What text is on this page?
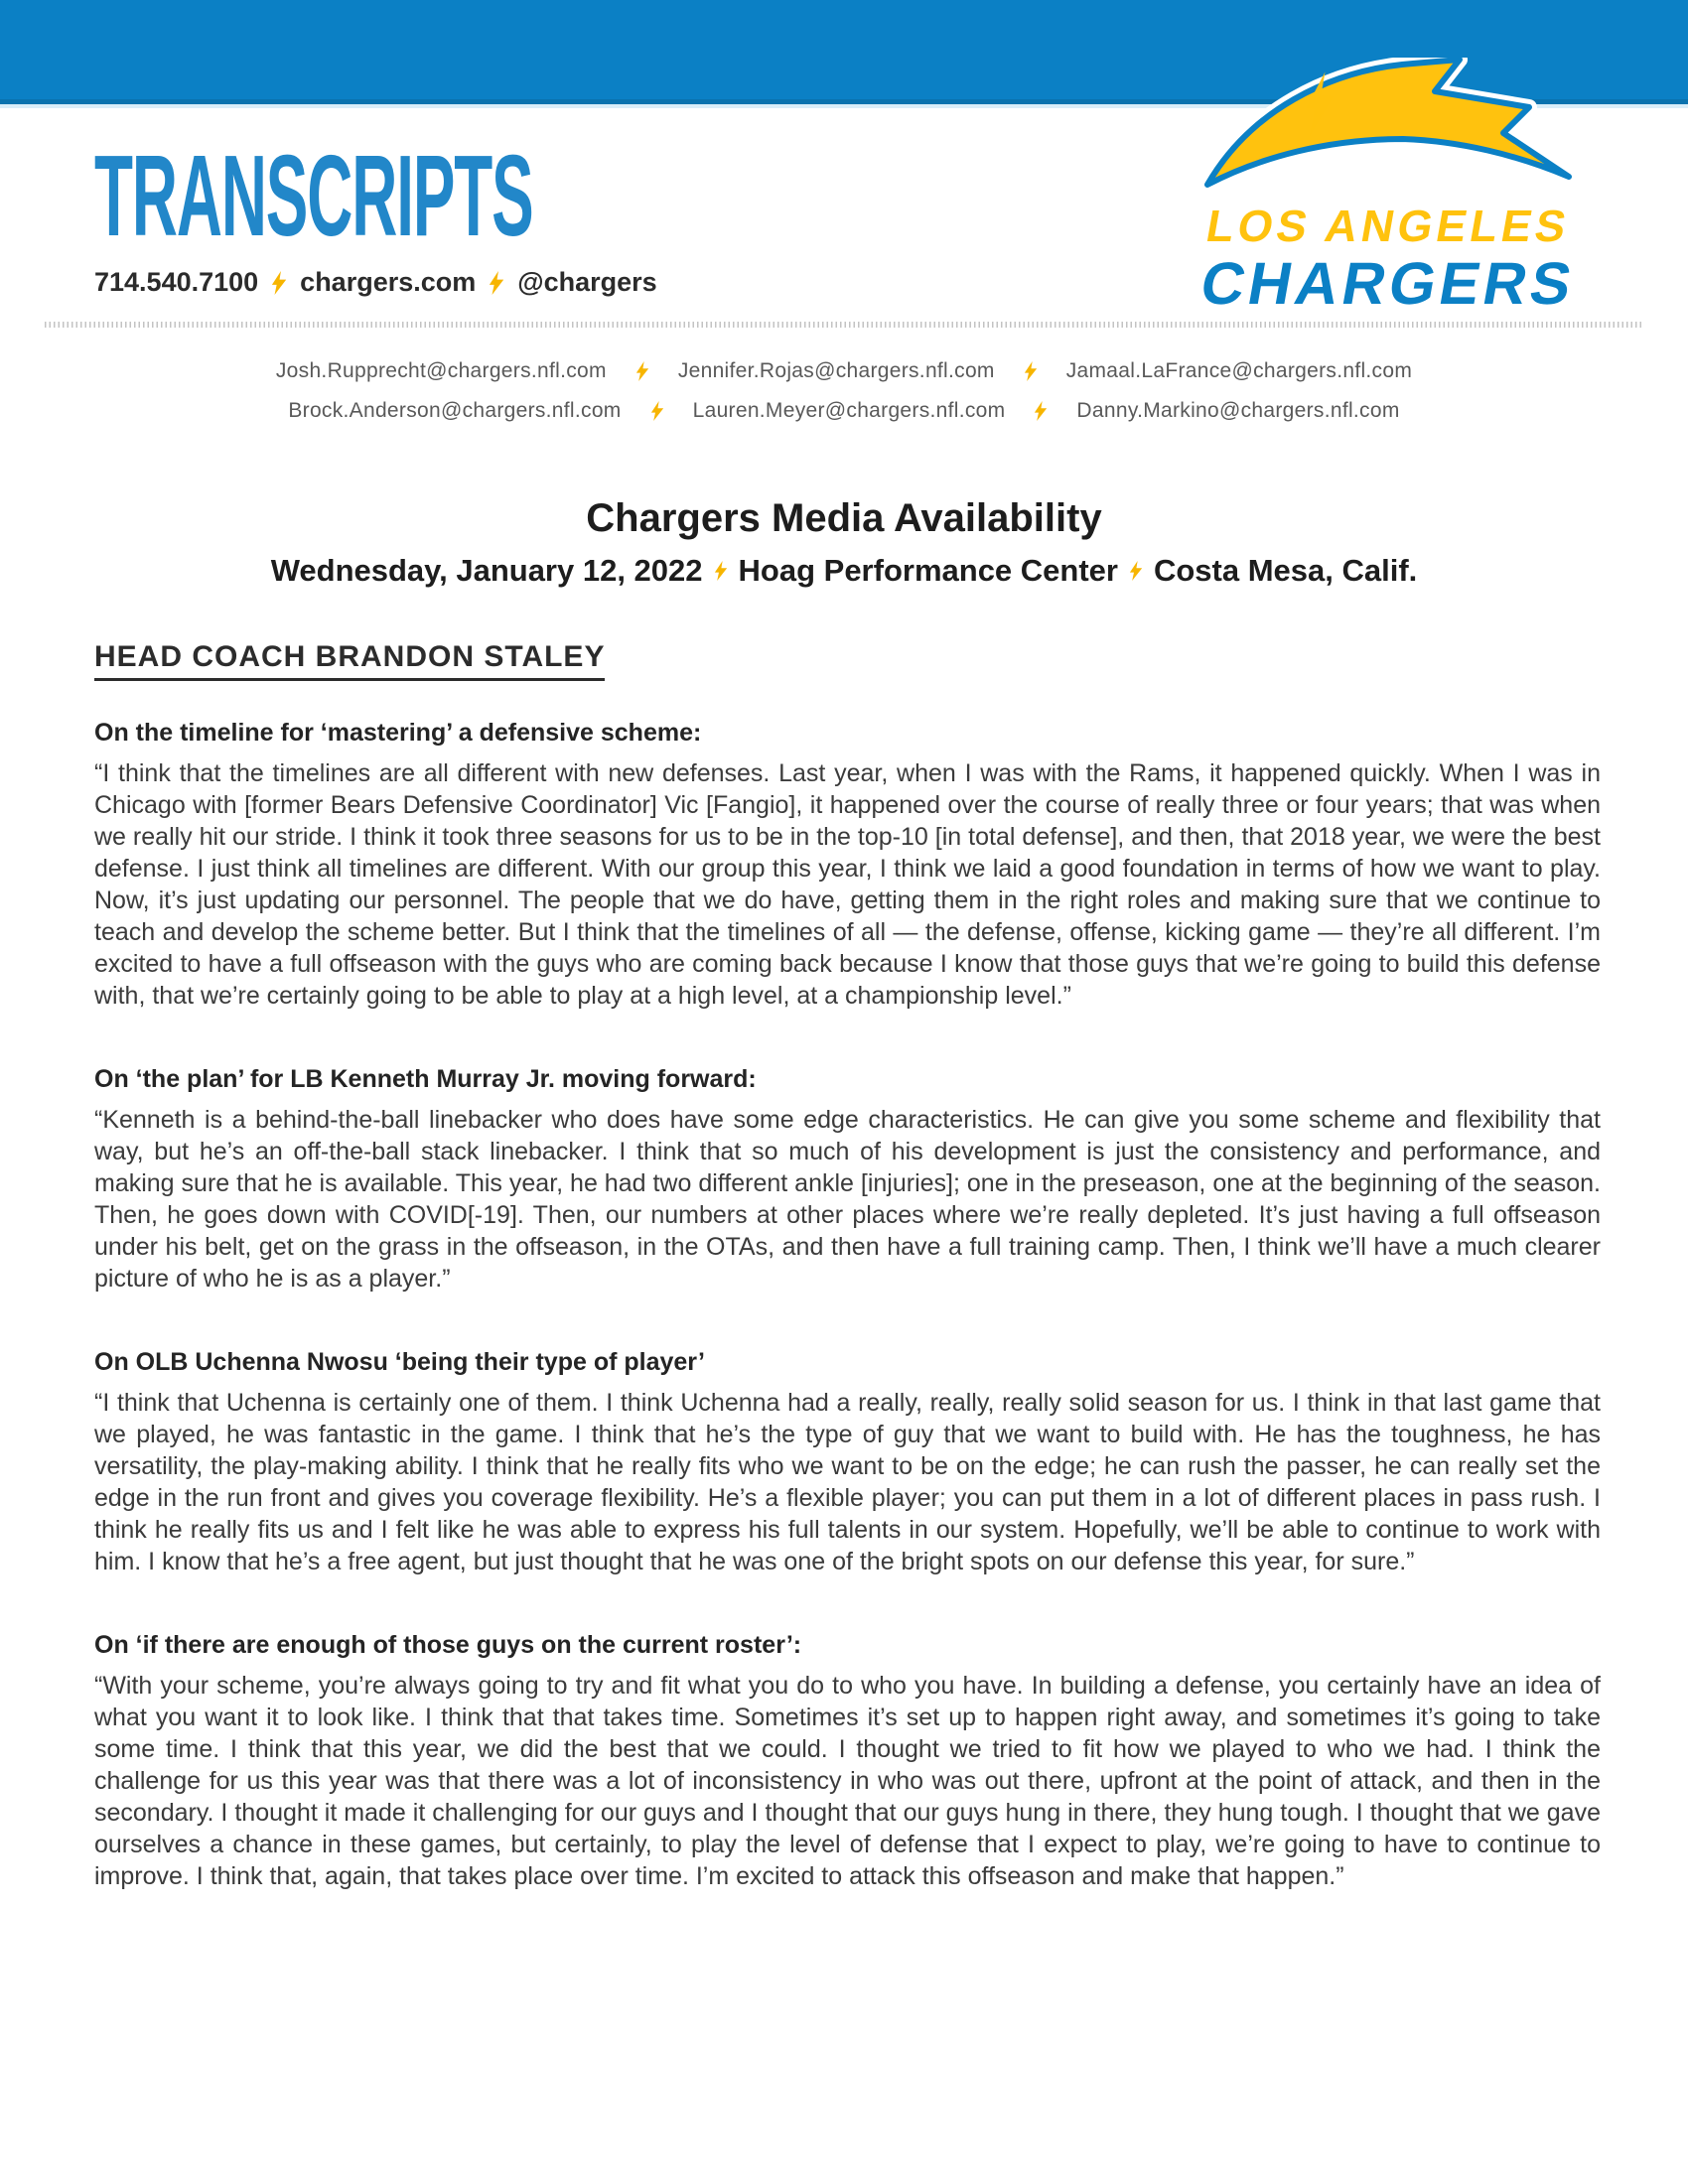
TRANSCRIPTS
714.540.7100 chargers.com @chargers
LOS ANGELES
CHARGERS
Josh.Rupprecht@chargers.nfl.com	Jennifer.Rojas@chargers.nfl.com	Jamaal.LaFrance@chargers.nfl.com
Brock.Anderson@chargers.nfl.com	Lauren.Meyer@chargers.nfl.com	Danny.Markino@chargers.nfl.com
Chargers Media Availability
Wednesday, January 12, 2022 Hoag Performance Center Costa Mesa, Calif.
HEAD COACH BRANDON STALEY
On the timeline for ‘mastering’ a defensive scheme:

“I think that the timelines are all different with new defenses. Last year, when I was with the Rams, it happened quickly. When I was in Chicago with [former Bears Defensive Coordinator] Vic [Fangio], it happened over the course of really three or four years; that was when we really hit our stride. I think it took three seasons for us to be in the top-10 [in total defense], and then, that 2018 year, we were the best defense. I just think all timelines are different. With our group this year, I think we laid a good foundation in terms of how we want to play. Now, it’s just updating our personnel. The people that we do have, getting them in the right roles and making sure that we continue to teach and develop the scheme better. But I think that the timelines of all — the defense, offense, kicking game — they’re all different. I’m excited to have a full offseason with the guys who are coming back because I know that those guys that we’re going to build this defense with, that we’re certainly going to be able to play at a high level, at a championship level.”

On ‘the plan’ for LB Kenneth Murray Jr. moving forward:

“Kenneth is a behind-the-ball linebacker who does have some edge characteristics. He can give you some scheme and flexibility that way, but he’s an off-the-ball stack linebacker. I think that so much of his development is just the consistency and performance, and making sure that he is available. This year, he had two different ankle [injuries]; one in the preseason, one at the beginning of the season. Then, he goes down with COVID[-19]. Then, our numbers at other places where we’re really depleted. It’s just having a full offseason under his belt, get on the grass in the offseason, in the OTAs, and then have a full training camp. Then, I think we’ll have a much clearer picture of who he is as a player.”

On OLB Uchenna Nwosu ‘being their type of player’

“I think that Uchenna is certainly one of them. I think Uchenna had a really, really, really solid season for us. I think in that last game that we played, he was fantastic in the game. I think that he’s the type of guy that we want to build with. He has the toughness, he has versatility, the play-making ability. I think that he really fits who we want to be on the edge; he can rush the passer, he can really set the edge in the run front and gives you coverage flexibility. He’s a flexible player; you can put them in a lot of different places in pass rush. I think he really fits us and I felt like he was able to express his full talents in our system. Hopefully, we’ll be able to continue to work with him. I know that he’s a free agent, but just thought that he was one of the bright spots on our defense this year, for sure.”

On ‘if there are enough of those guys on the current roster’:

“With your scheme, you’re always going to try and fit what you do to who you have. In building a defense, you certainly have an idea of what you want it to look like. I think that that takes time. Sometimes it’s set up to happen right away, and sometimes it’s going to take some time. I think that this year, we did the best that we could. I thought we tried to fit how we played to who we had. I think the challenge for us this year was that there was a lot of inconsistency in who was out there, upfront at the point of attack, and then in the secondary. I thought it made it challenging for our guys and I thought that our guys hung in there, they hung tough. I thought that we gave ourselves a chance in these games, but certainly, to play the level of defense that I expect to play, we’re going to have to continue to improve. I think that, again, that takes place over time. I’m excited to attack this offseason and make that happen.”
